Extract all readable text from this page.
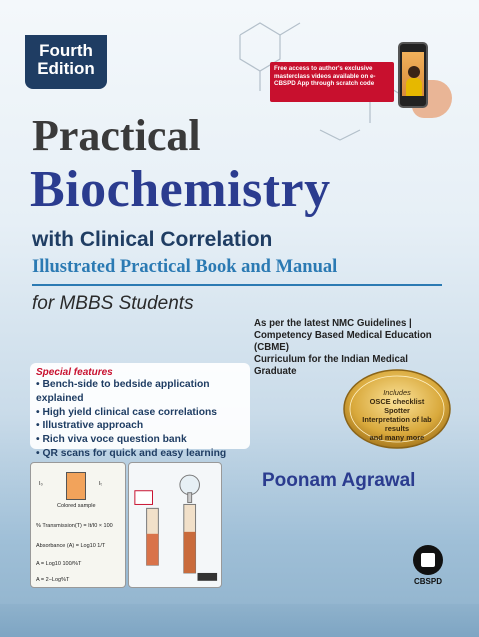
Fourth
Edition	Free access to author's exclusive masterclass videos available on e-CBSPD App through scratch code
Practical
Biochemistry
with Clinical Correlation
Illustrated Practical Book and Manual
for MBBS Students
As per the latest NMC Guidelines |
Competency Based Medical Education (CBME)
Curriculum for the Indian Medical Graduate
Special features
• Bench-side to bedside application explained
• High yield clinical case correlations
• Illustrative approach
• Rich viva voce question bank
• QR scans for quick and easy learning
Includes
OSCE checklist
Spotter
Interpretation of lab results
and many more
I₀	Iₜ
Colored sample
% Transmission(T) = It/I0 × 100
Absorbance (A) = Log10 1/T
A = Log10 100/%T
A = 2−Log%T
Poonam Agrawal
CBSPD
